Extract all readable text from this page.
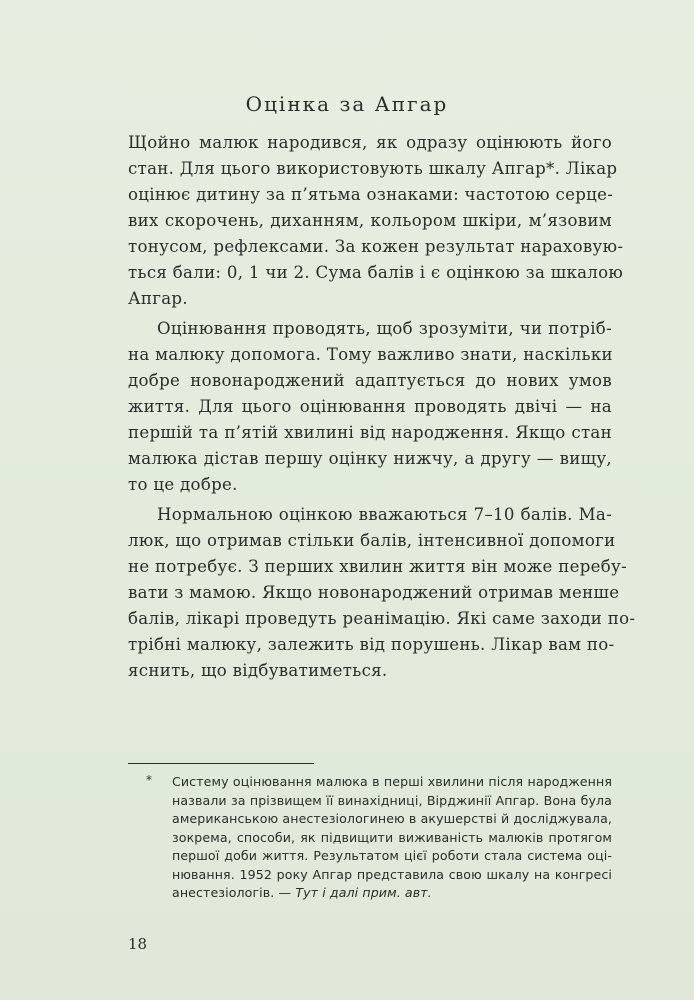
Оцінка за Апгар
Щойно малюк народився, як одразу оцінюють його
стан. Для цього використовують шкалу Апгар*. Лікар
оцінює дитину за п’ятьма ознаками: частотою серце-
вих скорочень, диханням, кольором шкіри, м’язовим
тонусом, рефлексами. За кожен результат нараховую-
ться бали: 0, 1 чи 2. Сума балів і є оцінкою за шкалою
Апгар.
Оцінювання проводять, щоб зрозуміти, чи потріб-
на малюку допомога. Тому важливо знати, наскільки
добре новонароджений адаптується до нових умов
життя. Для цього оцінювання проводять двічі — на
першій та п’ятій хвилині від народження. Якщо стан
малюка дістав першу оцінку нижчу, а другу — вищу,
то це добре.
Нормальною оцінкою вважаються 7–10 балів. Ма-
люк, що отримав стільки балів, інтенсивної допомоги
не потребує. З перших хвилин життя він може перебу-
вати з мамою. Якщо новонароджений отримав менше
балів, лікарі проведуть реанімацію. Які саме заходи по-
трібні малюку, залежить від порушень. Лікар вам по-
яснить, що відбуватиметься.
*	Систему оцінювання малюка в перші хвилини після народження
назвали за прізвищем її винахідниці, Вірджинії Апгар. Вона була
американською анестезіологинею в акушерстві й досліджувала,
зокрема, способи, як підвищити виживаність малюків протягом
першої доби життя. Результатом цієї роботи стала система оці-
нювання. 1952 року Апгар представила свою шкалу на конгресі
анестезіологів. — Тут і далі прим. авт.
18
